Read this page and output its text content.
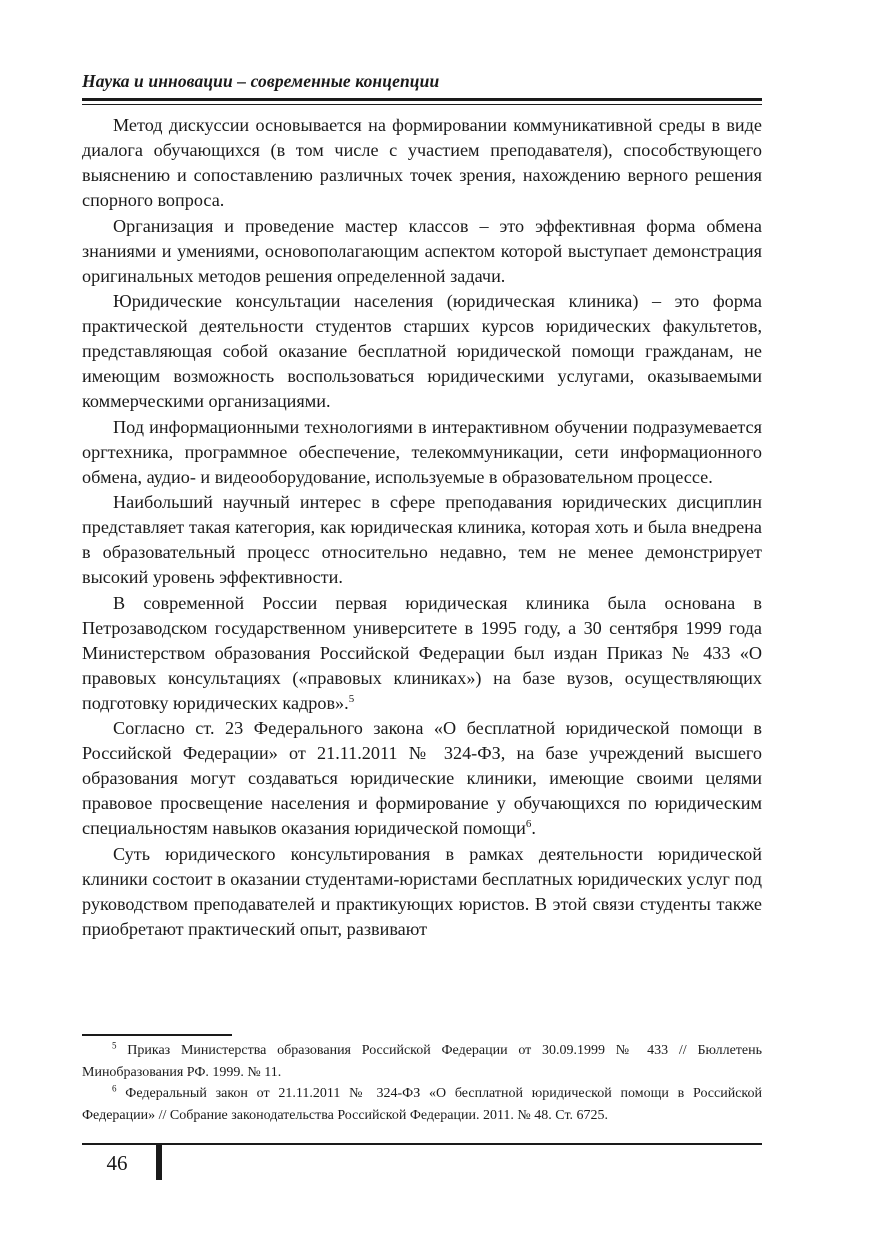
Наука и инновации – современные концепции

Метод дискуссии основывается на формировании коммуникативной среды в виде диалога обучающихся (в том числе с участием преподавателя), способствующего выяснению и сопоставлению различных точек зрения, нахождению верного решения спорного вопроса.

Организация и проведение мастер классов – это эффективная форма обмена знаниями и умениями, основополагающим аспектом которой выступает демонстрация оригинальных методов решения определенной задачи.

Юридические консультации населения (юридическая клиника) – это форма практической деятельности студентов старших курсов юридических факультетов, представляющая собой оказание бесплатной юридической помощи гражданам, не имеющим возможность воспользоваться юридическими услугами, оказываемыми коммерческими организациями.

Под информационными технологиями в интерактивном обучении подразумевается оргтехника, программное обеспечение, телекоммуникации, сети информационного обмена, аудио- и видеооборудование, используемые в образовательном процессе.

Наибольший научный интерес в сфере преподавания юридических дисциплин представляет такая категория, как юридическая клиника, которая хоть и была внедрена в образовательный процесс относительно недавно, тем не менее демонстрирует высокий уровень эффективности.

В современной России первая юридическая клиника была основана в Петрозаводском государственном университете в 1995 году, а 30 сентября 1999 года Министерством образования Российской Федерации был издан Приказ № 433 «О правовых консультациях («правовых клиниках») на базе вузов, осуществляющих подготовку юридических кадров».$^5$

Согласно ст. 23 Федерального закона «О бесплатной юридической помощи в Российской Федерации» от 21.11.2011 № 324-ФЗ, на базе учреждений высшего образования могут создаваться юридические клиники, имеющие своими целями правовое просвещение населения и формирование у обучающихся по юридическим специальностям навыков оказания юридической помощи$^6$.

Суть юридического консультирования в рамках деятельности юридической клиники состоит в оказании студентами-юристами бесплатных юридических услуг под руководством преподавателей и практикующих юристов. В этой связи студенты также приобретают практический опыт, развивают

$^5$ Приказ Министерства образования Российской Федерации от 30.09.1999 № 433 // Бюллетень Минобразования РФ. 1999. № 11.

$^6$ Федеральный закон от 21.11.2011 № 324-ФЗ «О бесплатной юридической помощи в Российской Федерации» // Собрание законодательства Российской Федерации. 2011. № 48. Ст. 6725.

46
